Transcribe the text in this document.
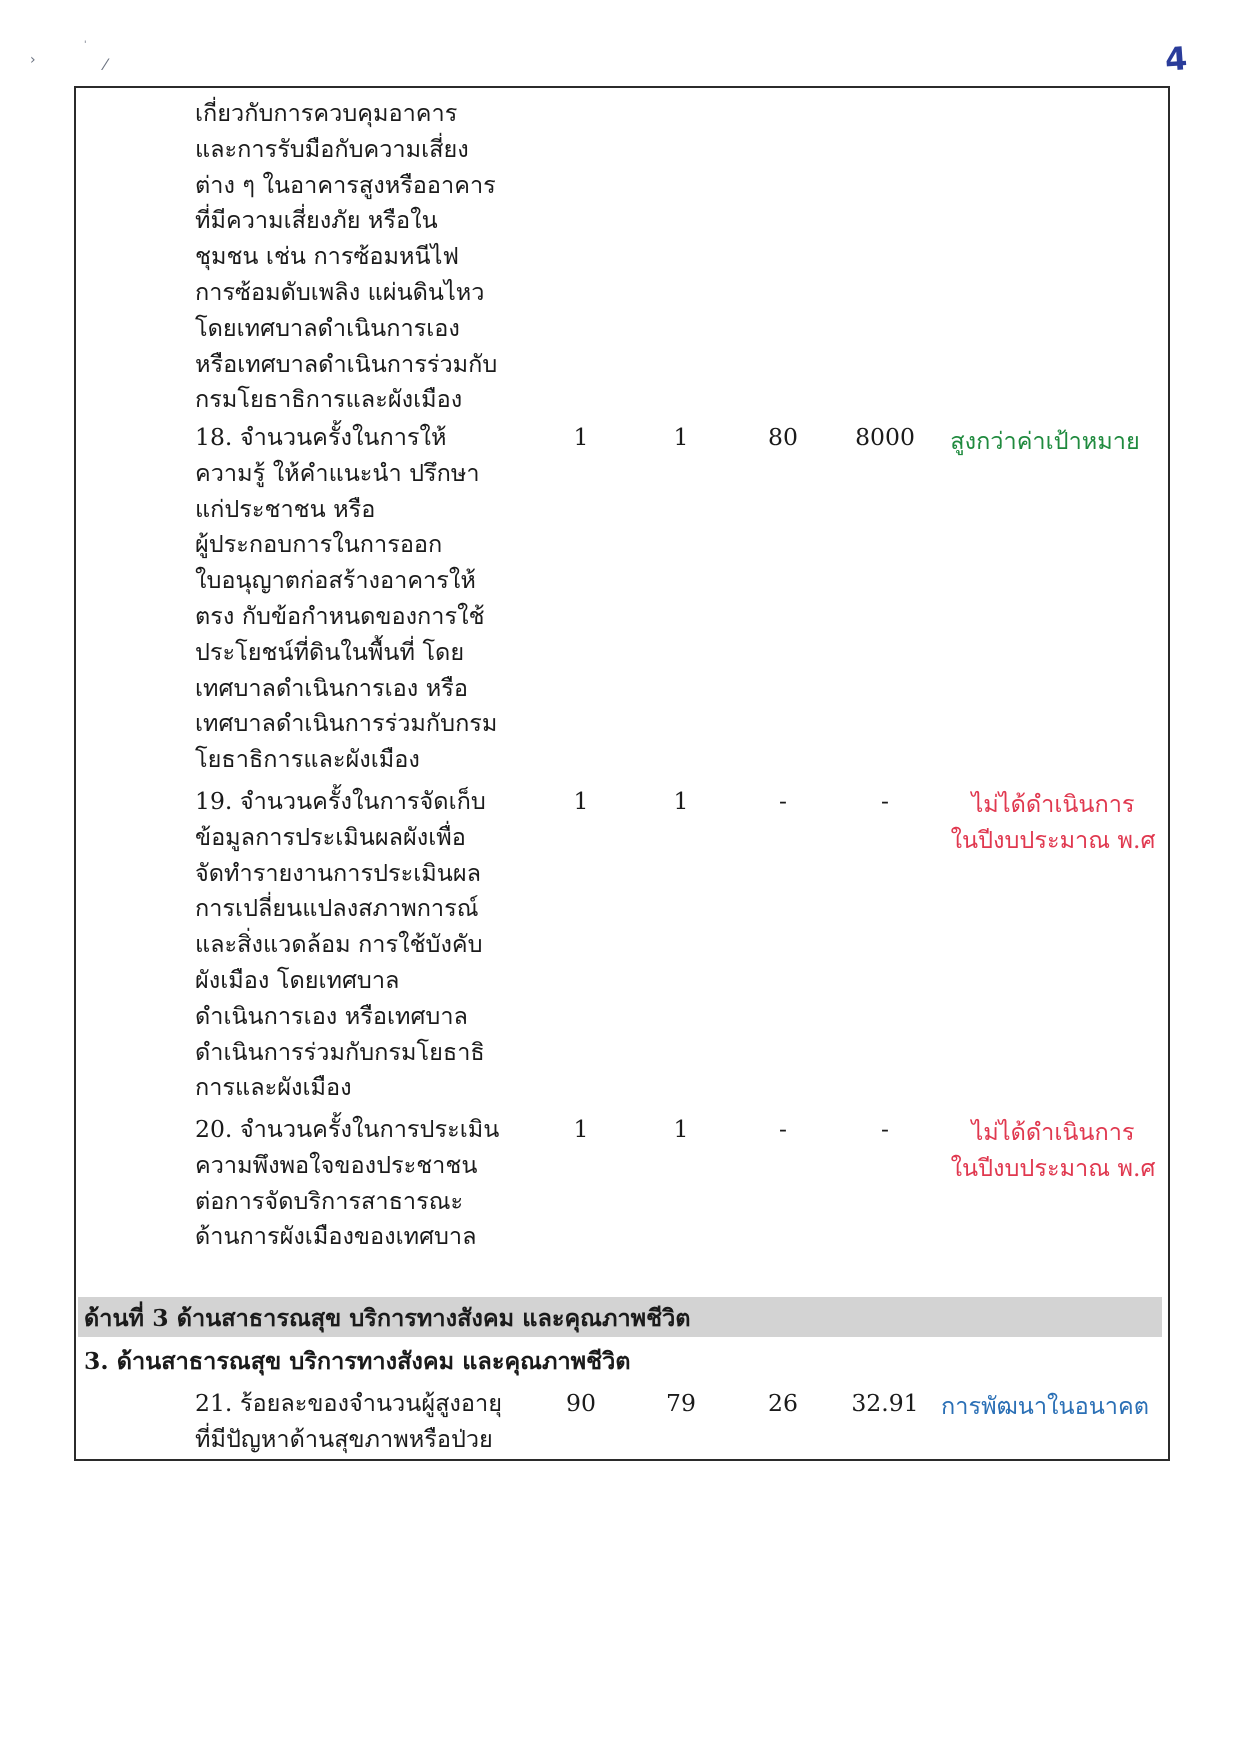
›
'
⁄	4
เกี่ยวกับการควบคุมอาคาร
และการรับมือกับความเสี่ยง
ต่าง ๆ ในอาคารสูงหรืออาคาร
ที่มีความเสี่ยงภัย หรือใน
ชุมชน เช่น การซ้อมหนีไฟ
การซ้อมดับเพลิง แผ่นดินไหว
โดยเทศบาลดำเนินการเอง
หรือเทศบาลดำเนินการร่วมกับ
กรมโยธาธิการและผังเมือง
18. จำนวนครั้งในการให้
ความรู้ ให้คำแนะนำ ปรึกษา
แก่ประชาชน หรือ
ผู้ประกอบการในการออก
ใบอนุญาตก่อสร้างอาคารให้
ตรง กับข้อกำหนดของการใช้
ประโยชน์ที่ดินในพื้นที่ โดย
เทศบาลดำเนินการเอง หรือ
เทศบาลดำเนินการร่วมกับกรม
โยธาธิการและผังเมือง
1	1	80	8000	สูงกว่าค่าเป้าหมาย
19. จำนวนครั้งในการจัดเก็บ
ข้อมูลการประเมินผลผังเพื่อ
จัดทำรายงานการประเมินผล
การเปลี่ยนแปลงสภาพการณ์
และสิ่งแวดล้อม การใช้บังคับ
ผังเมือง โดยเทศบาล
ดำเนินการเอง หรือเทศบาล
ดำเนินการร่วมกับกรมโยธาธิ
การและผังเมือง
1	1	-	-	ไม่ได้ดำเนินการ
ในปีงบประมาณ พ.ศ
20. จำนวนครั้งในการประเมิน
ความพึงพอใจของประชาชน
ต่อการจัดบริการสาธารณะ
ด้านการผังเมืองของเทศบาล
1	1	-	-	ไม่ได้ดำเนินการ
ในปีงบประมาณ พ.ศ
ด้านที่ 3 ด้านสาธารณสุข บริการทางสังคม และคุณภาพชีวิต
3. ด้านสาธารณสุข บริการทางสังคม และคุณภาพชีวิต
21. ร้อยละของจำนวนผู้สูงอายุ
ที่มีปัญหาด้านสุขภาพหรือป่วย
90	79	26	32.91 การพัฒนาในอนาคต
